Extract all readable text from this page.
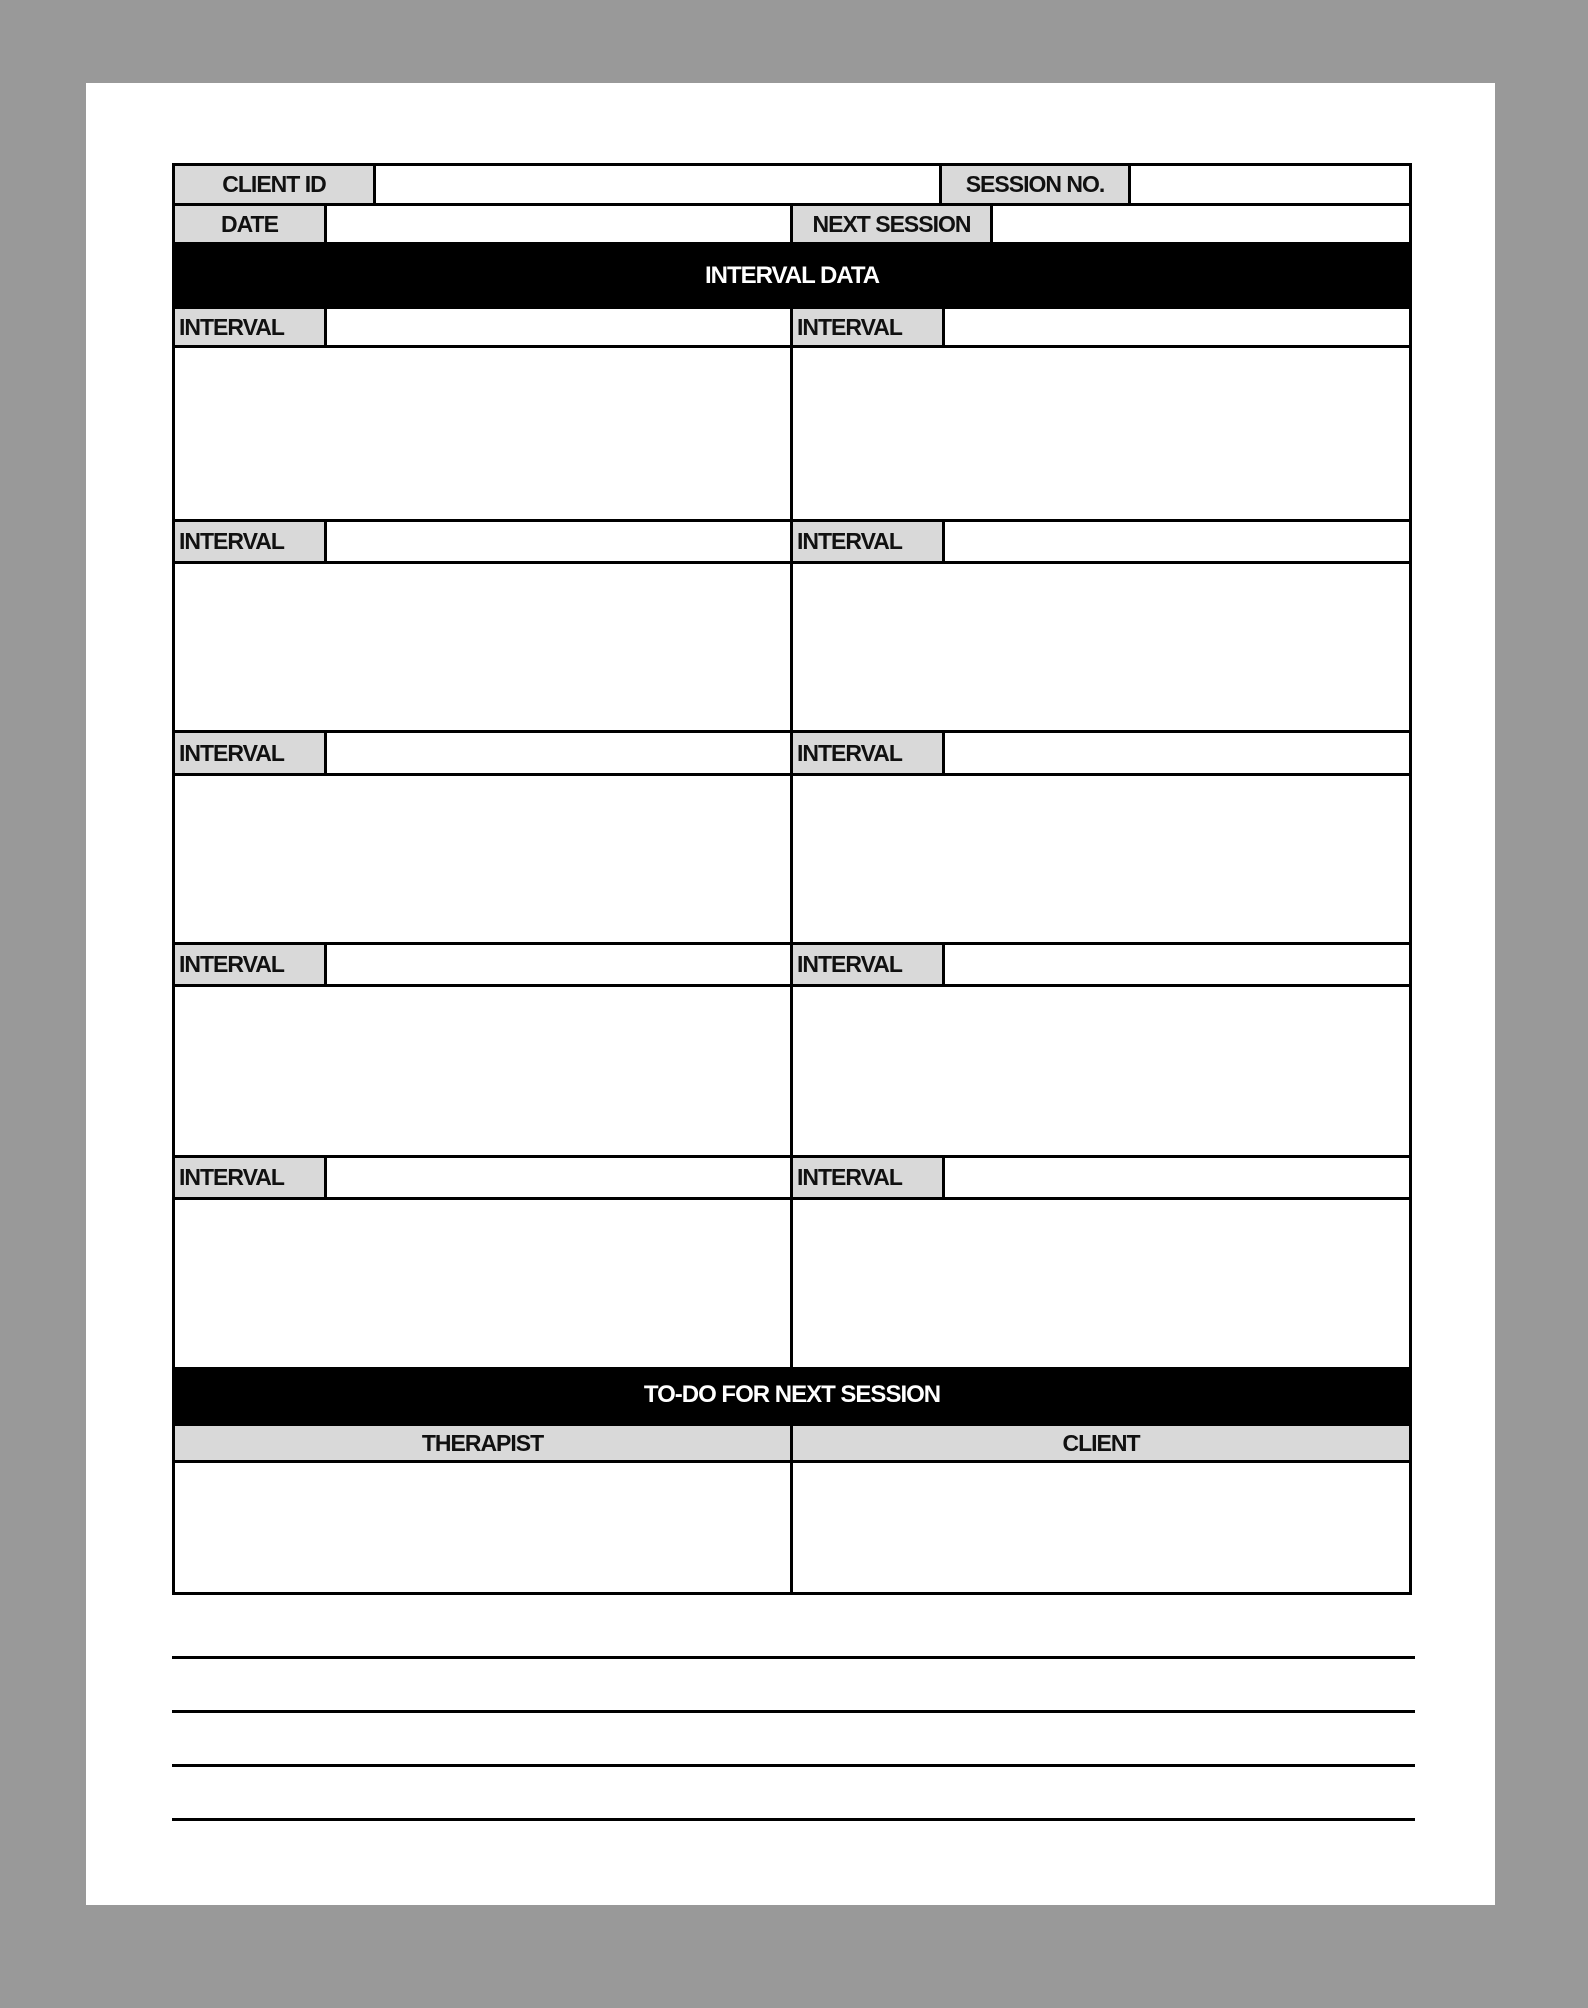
CLIENT ID	SESSION NO.
DATE	NEXT SESSION
INTERVAL DATA
INTERVAL	INTERVAL
INTERVAL	INTERVAL
INTERVAL	INTERVAL
INTERVAL	INTERVAL
INTERVAL	INTERVAL
TO-DO FOR NEXT SESSION
THERAPIST	CLIENT
